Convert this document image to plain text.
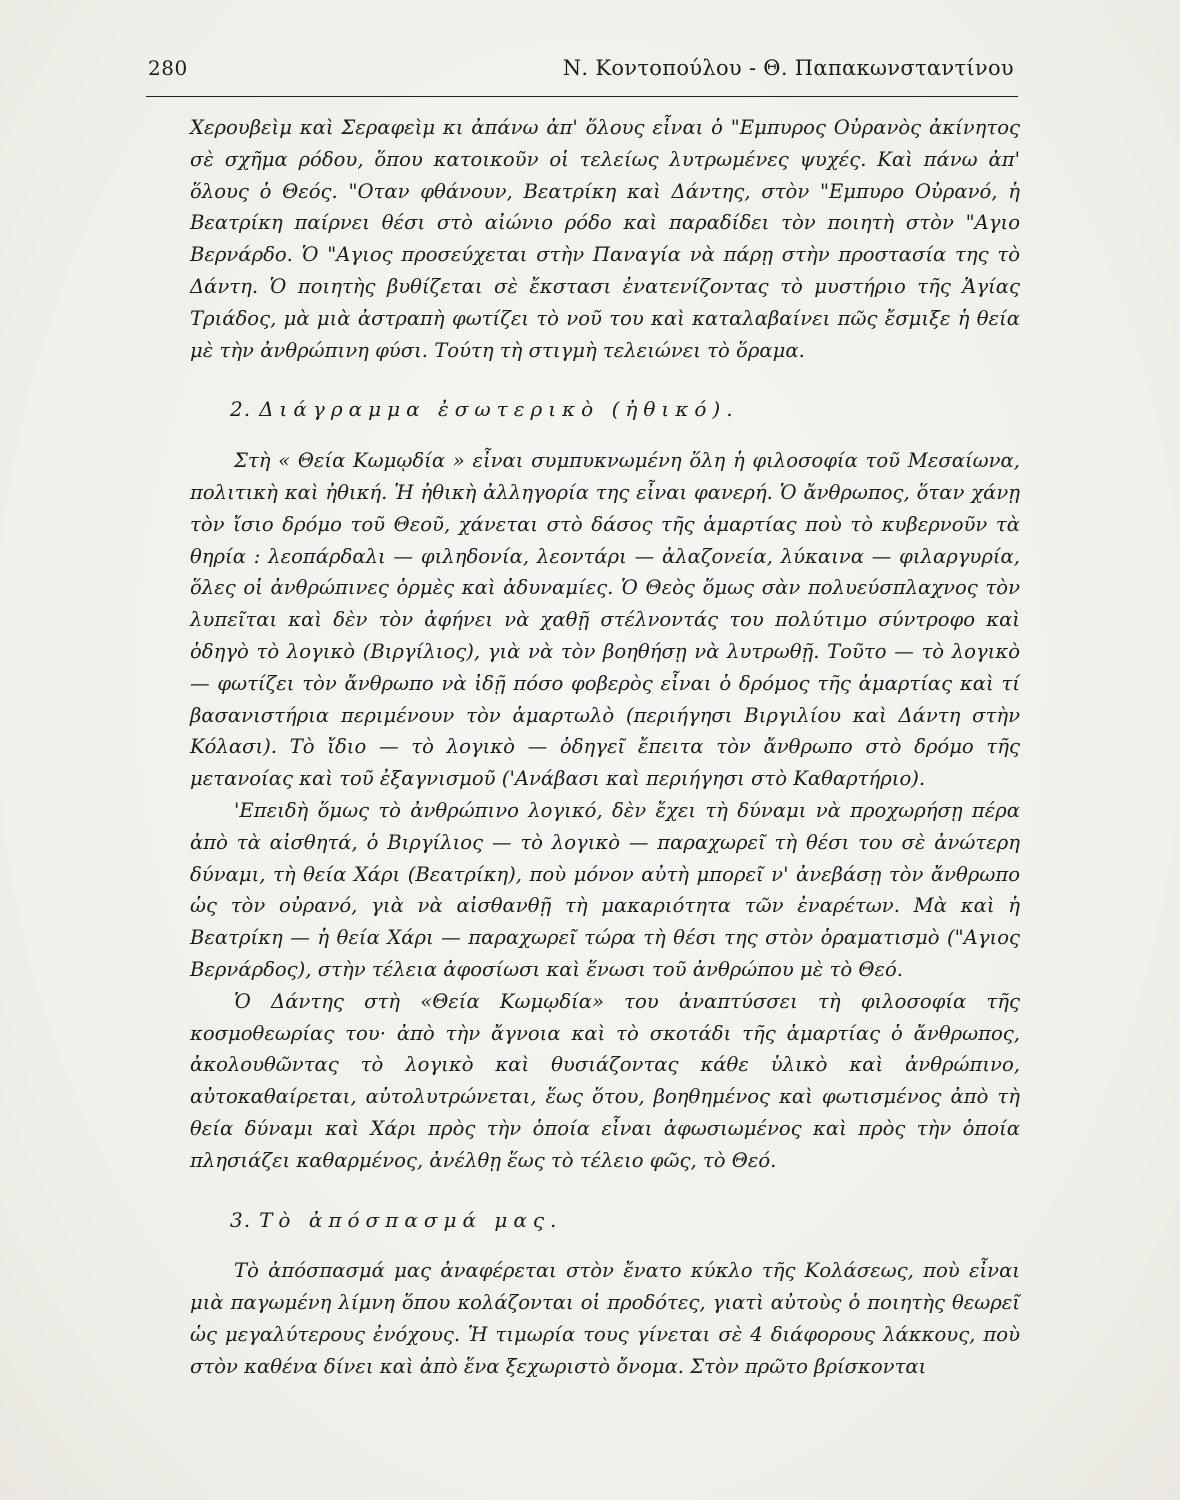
280	Ν. Κοντοπούλου - Θ. Παπακωνσταντίνου

Χερουβεὶμ καὶ Σεραφεὶμ κι ἀπάνω ἀπ' ὅλους εἶναι ὁ "Εμπυρος Οὐρανὸς ἀκίνητος σὲ σχῆμα ρόδου, ὅπου κατοικοῦν οἱ τελείως λυτρωμένες ψυχές. Καὶ πάνω ἀπ' ὅλους ὁ Θεός. "Οταν φθάνουν, Βεατρίκη καὶ Δάντης, στὸν "Εμπυρο Οὐρανό, ἡ Βεατρίκη παίρνει θέσι στὸ αἰώνιο ρόδο καὶ παραδίδει τὸν ποιητὴ στὸν "Αγιο Βερνάρδο. Ὁ "Αγιος προσεύχεται στὴν Παναγία νὰ πάρῃ στὴν προστασία της τὸ Δάντη. Ὁ ποιητὴς βυθίζεται σὲ ἔκστασι ἐνατενίζοντας τὸ μυστήριο τῆς Ἁγίας Τριάδος, μὰ μιὰ ἀστραπὴ φωτίζει τὸ νοῦ του καὶ καταλαβαίνει πῶς ἔσμιξε ἡ θεία μὲ τὴν ἀνθρώπινη φύσι. Τούτη τὴ στιγμὴ τελειώνει τὸ ὅραμα.

2. Διάγραμμα ἐσωτερικὸ (ἠθικό).

Στὴ « Θεία Κωμῳδία » εἶναι συμπυκνωμένη ὅλη ἡ φιλοσοφία τοῦ Μεσαίωνα, πολιτικὴ καὶ ἠθική. Ἡ ἠθικὴ ἀλληγορία της εἶναι φανερή. Ὁ ἄνθρωπος, ὅταν χάνῃ τὸν ἴσιο δρόμο τοῦ Θεοῦ, χάνεται στὸ δάσος τῆς ἁμαρτίας ποὺ τὸ κυβερνοῦν τὰ θηρία : λεοπάρδαλι — φιληδονία, λεοντάρι — ἀλαζονεία, λύκαινα — φιλαργυρία, ὅλες οἱ ἀνθρώπινες ὁρμὲς καὶ ἀδυναμίες. Ὁ Θεὸς ὅμως σὰν πολυεύσπλαχνος τὸν λυπεῖται καὶ δὲν τὸν ἀφήνει νὰ χαθῇ στέλνοντάς του πολύτιμο σύντροφο καὶ ὁδηγὸ τὸ λογικὸ (Βιργίλιος), γιὰ νὰ τὸν βοηθήσῃ νὰ λυτρωθῇ. Τοῦτο — τὸ λογικὸ — φωτίζει τὸν ἄνθρωπο νὰ ἰδῇ πόσο φοβερὸς εἶναι ὁ δρόμος τῆς ἁμαρτίας καὶ τί βασανιστήρια περιμένουν τὸν ἁμαρτωλὸ (περιήγησι Βιργιλίου καὶ Δάντη στὴν Κόλασι). Τὸ ἴδιο — τὸ λογικὸ — ὁδηγεῖ ἔπειτα τὸν ἄνθρωπο στὸ δρόμο τῆς μετανοίας καὶ τοῦ ἐξαγνισμοῦ ('Ανάβασι καὶ περιήγησι στὸ Καθαρτήριο).

'Επειδὴ ὅμως τὸ ἀνθρώπινο λογικό, δὲν ἔχει τὴ δύναμι νὰ προχωρήσῃ πέρα ἀπὸ τὰ αἰσθητά, ὁ Βιργίλιος — τὸ λογικὸ — παραχωρεῖ τὴ θέσι του σὲ ἀνώτερη δύναμι, τὴ θεία Χάρι (Βεατρίκη), ποὺ μόνον αὐτὴ μπορεῖ ν' ἀνεβάσῃ τὸν ἄνθρωπο ὡς τὸν οὐρανό, γιὰ νὰ αἰσθανθῇ τὴ μακαριότητα τῶν ἐναρέτων. Μὰ καὶ ἡ Βεατρίκη — ἡ θεία Χάρι — παραχωρεῖ τώρα τὴ θέσι της στὸν ὁραματισμὸ ("Αγιος Βερνάρδος), στὴν τέλεια ἀφοσίωσι καὶ ἕνωσι τοῦ ἀνθρώπου μὲ τὸ Θεό.

Ὁ Δάντης στὴ «Θεία Κωμῳδία» του ἀναπτύσσει τὴ φιλοσοφία τῆς κοσμοθεωρίας του· ἀπὸ τὴν ἄγνοια καὶ τὸ σκοτάδι τῆς ἁμαρτίας ὁ ἄνθρωπος, ἀκολουθῶντας τὸ λογικὸ καὶ θυσιάζοντας κάθε ὑλικὸ καὶ ἀνθρώπινο, αὐτοκαθαίρεται, αὐτολυτρώνεται, ἕως ὅτου, βοηθημένος καὶ φωτισμένος ἀπὸ τὴ θεία δύναμι καὶ Χάρι πρὸς τὴν ὁποία εἶναι ἀφωσιωμένος καὶ πρὸς τὴν ὁποία πλησιάζει καθαρμένος, ἀνέλθῃ ἕως τὸ τέλειο φῶς, τὸ Θεό.

3. Τὸ ἀπόσπασμά μας.

Τὸ ἀπόσπασμά μας ἀναφέρεται στὸν ἔνατο κύκλο τῆς Κολάσεως, ποὺ εἶναι μιὰ παγωμένη λίμνη ὅπου κολάζονται οἱ προδότες, γιατὶ αὐτοὺς ὁ ποιητὴς θεωρεῖ ὡς μεγαλύτερους ἐνόχους. Ἡ τιμωρία τους γίνεται σὲ 4 διάφορους λάκκους, ποὺ στὸν καθένα δίνει καὶ ἀπὸ ἕνα ξεχωριστὸ ὄνομα. Στὸν πρῶτο βρίσκονται
